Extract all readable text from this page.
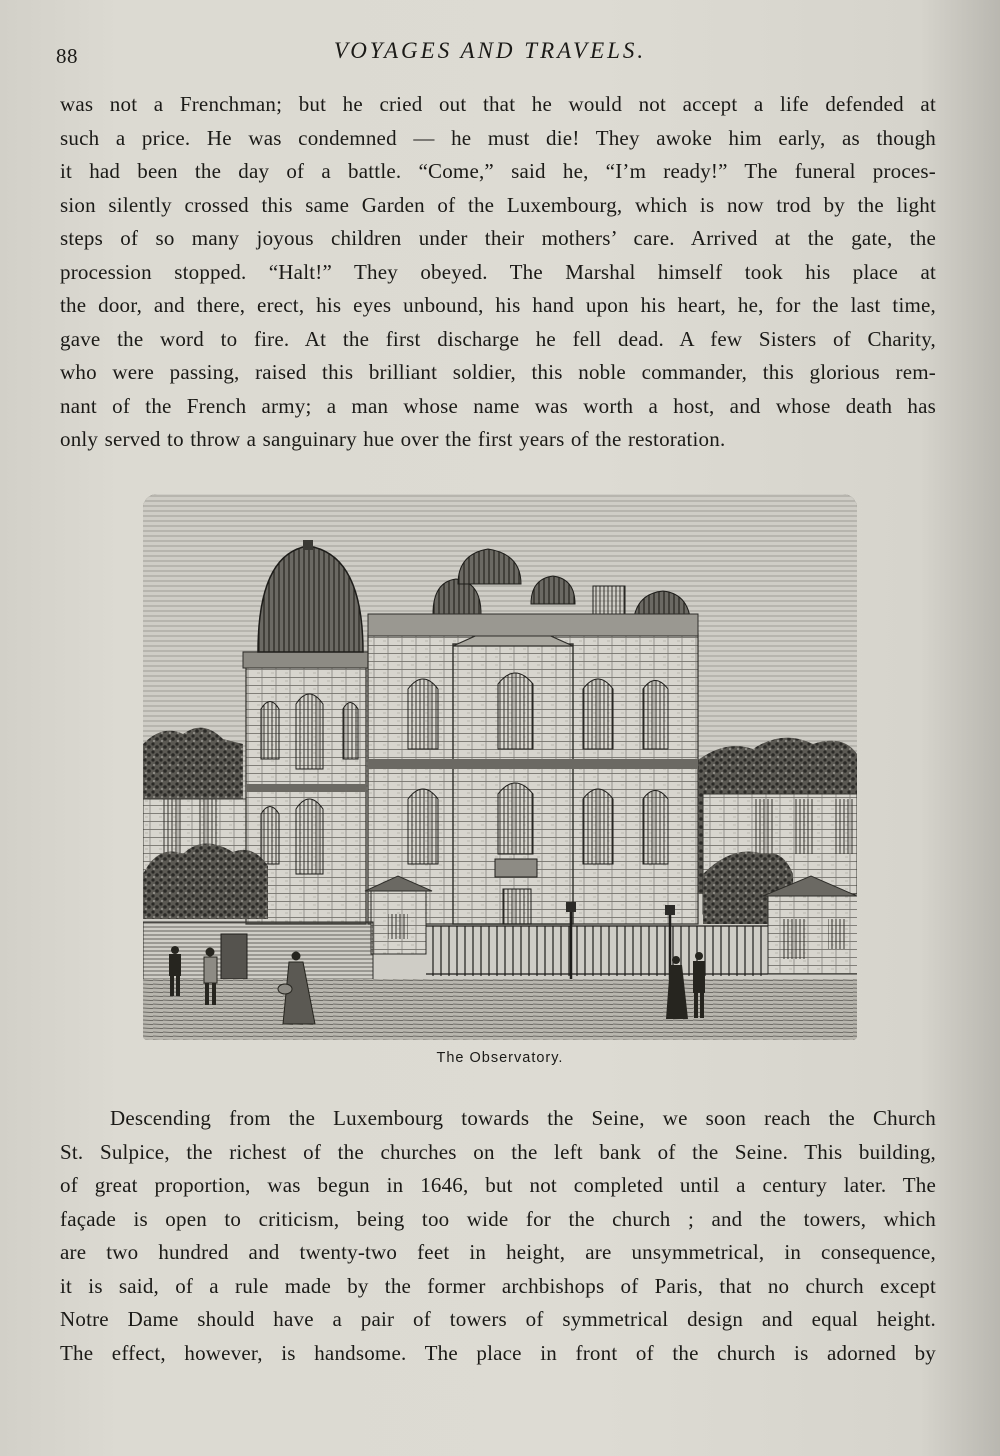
88	VOYAGES AND TRAVELS.
was not a Frenchman; but he cried out that he would not accept a life defended at
such a price. He was condemned — he must die! They awoke him early, as though
it had been the day of a battle. “Come,” said he, “I’m ready!” The funeral proces-
sion silently crossed this same Garden of the Luxembourg, which is now trod by the light
steps of so many joyous children under their mothers’ care. Arrived at the gate, the
procession stopped. “Halt!” They obeyed. The Marshal himself took his place at
the door, and there, erect, his eyes unbound, his hand upon his heart, he, for the last time,
gave the word to fire. At the first discharge he fell dead. A few Sisters of Charity,
who were passing, raised this brilliant soldier, this noble commander, this glorious rem-
nant of the French army; a man whose name was worth a host, and whose death has
only served to throw a sanguinary hue over the first years of the restoration.
The Observatory.
Descending from the Luxembourg towards the Seine, we soon reach the Church
St. Sulpice, the richest of the churches on the left bank of the Seine. This building,
of great proportion, was begun in 1646, but not completed until a century later. The
façade is open to criticism, being too wide for the church ; and the towers, which
are two hundred and twenty-two feet in height, are unsymmetrical, in consequence,
it is said, of a rule made by the former archbishops of Paris, that no church except
Notre Dame should have a pair of towers of symmetrical design and equal height.
The effect, however, is handsome. The place in front of the church is adorned by
